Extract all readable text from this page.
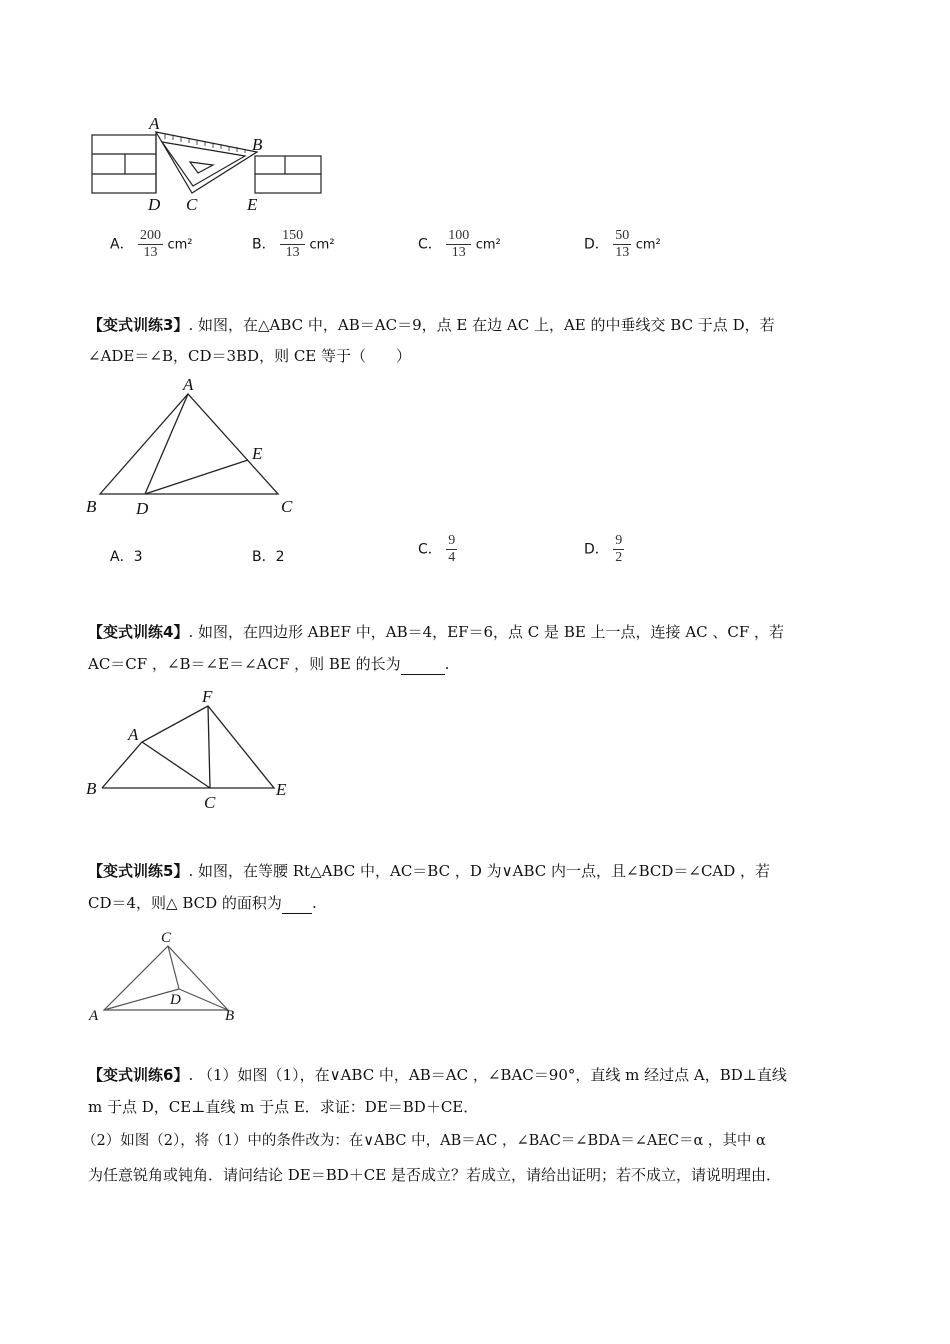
A
B
D C	E
A． $\frac{200}{13} cm^2$	B． $\frac{150}{13} cm^2$	C． $\frac{100}{13} cm^2$	D． $\frac{50}{13} cm^2$
【变式训练3】. 如图，在△ABC 中，AB＝AC＝9，点 E 在边 AC 上，AE 的中垂线交 BC 于点 D，若
∠ADE＝∠B，CD＝3BD，则 CE 等于（　　）
A
E
B D	C
A．3	B．2	C． $\frac{9}{4}$	D． $\frac{9}{2}$
【变式训练4】. 如图，在四边形 ABEF 中，AB＝4，EF＝6，点 C 是 BE 上一点，连接 AC 、CF ，若
AC＝CF ，∠B＝∠E＝∠ACF ，则 BE 的长为	.
F
A
B
C
E
【变式训练5】. 如图，在等腰 Rt△ABC 中，AC＝BC ，D 为∨ABC 内一点，且∠BCD＝∠CAD ，若
CD＝4，则△ BCD 的面积为 .
C
D
A	B
【变式训练6】. （1）如图（1），在∨ABC 中，AB＝AC ，∠BAC＝90°，直线 m 经过点 A，BD⊥直线
m 于点 D，CE⊥直线 m 于点 E．求证：DE＝BD＋CE．
（2）如图（2），将（1）中的条件改为：在∨ABC 中，AB＝AC ，∠BAC＝∠BDA＝∠AEC＝α ，其中 α
为任意锐角或钝角．请问结论 DE＝BD＋CE 是否成立？若成立，请给出证明；若不成立，请说明理由．
